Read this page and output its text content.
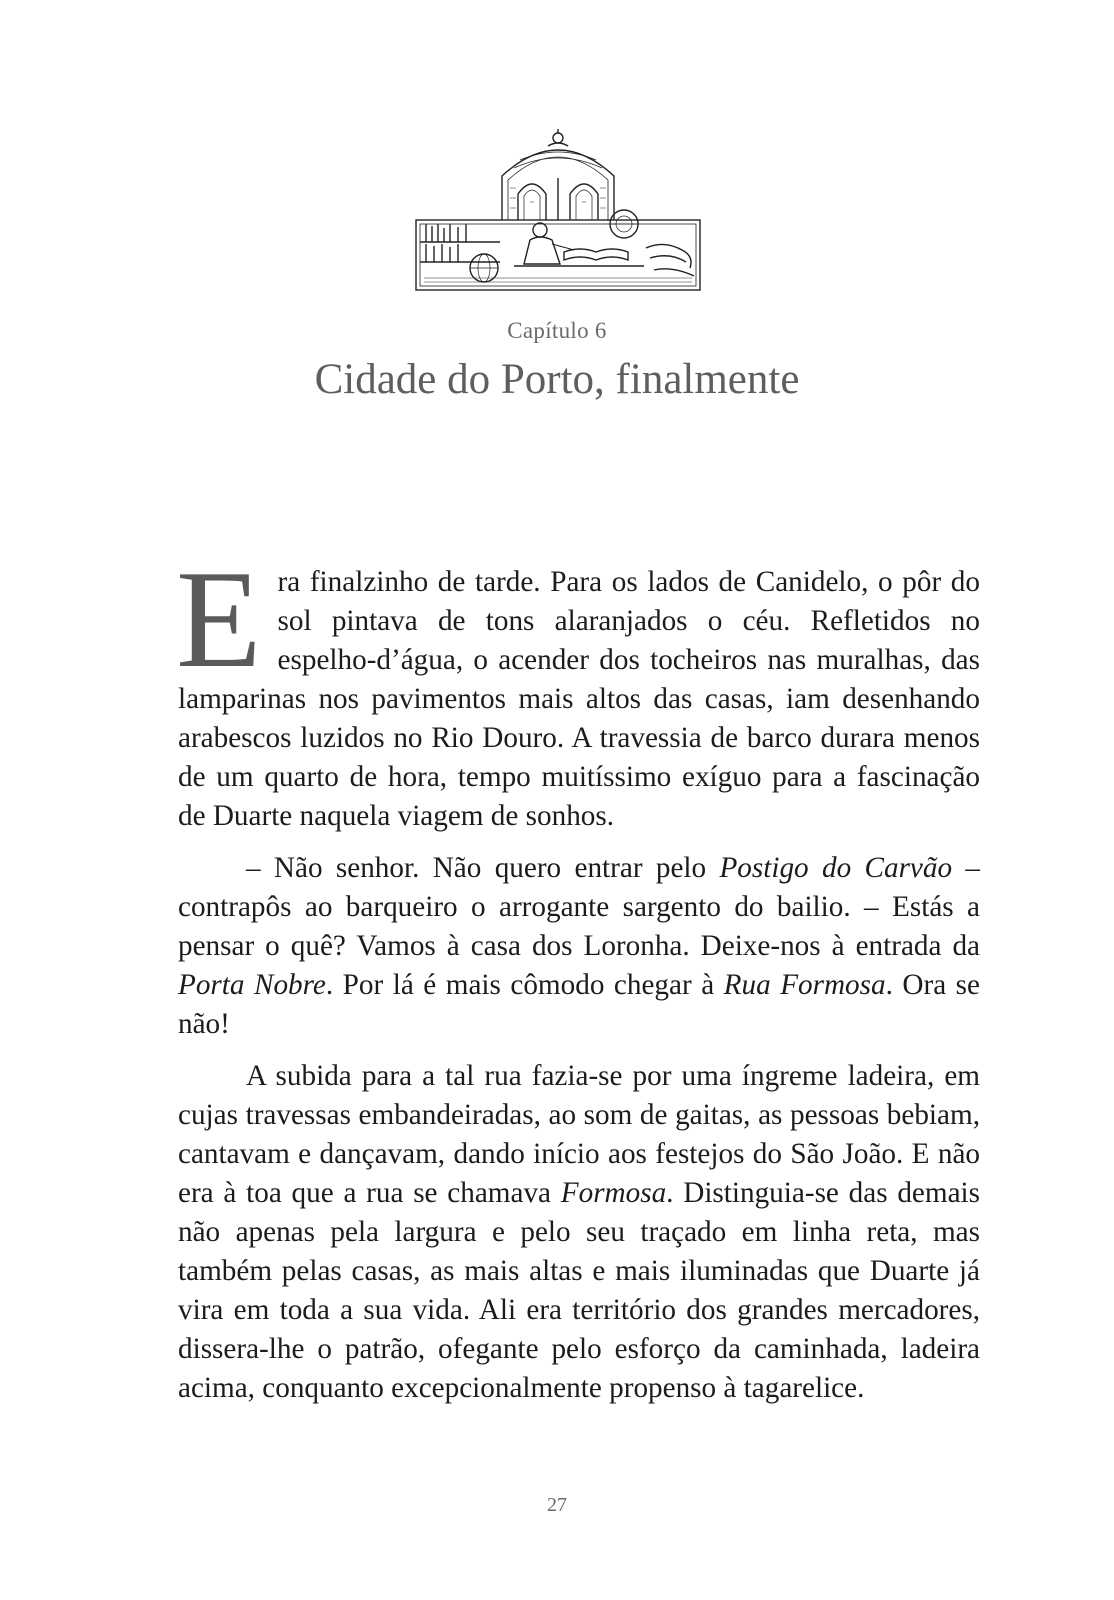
Capítulo 6
Cidade do Porto, finalmente

Era finalzinho de tarde. Para os lados de Canidelo, o pôr do sol pintava de tons alaranjados o céu. Refletidos no espelho-d’água, o acender dos tocheiros nas muralhas, das lamparinas nos pavimentos mais altos das casas, iam desenhando arabescos luzidos no Rio Douro. A travessia de barco durara menos de um quarto de hora, tempo muitíssimo exíguo para a fascinação de Duarte naquela viagem de sonhos.

– Não senhor. Não quero entrar pelo Postigo do Carvão – contrapôs ao barqueiro o arrogante sargento do bailio. – Estás a pensar o quê? Vamos à casa dos Loronha. Deixe-nos à entrada da Porta Nobre. Por lá é mais cômodo chegar à Rua Formosa. Ora se não!

A subida para a tal rua fazia-se por uma íngreme ladeira, em cujas travessas embandeiradas, ao som de gaitas, as pessoas bebiam, cantavam e dançavam, dando início aos festejos do São João. E não era à toa que a rua se chamava Formosa. Distinguia-se das demais não apenas pela largura e pelo seu traçado em linha reta, mas também pelas casas, as mais altas e mais iluminadas que Duarte já vira em toda a sua vida. Ali era território dos grandes mercadores, dissera-lhe o patrão, ofegante pelo esforço da caminhada, ladeira acima, conquanto excepcionalmente propenso à tagarelice.

27
